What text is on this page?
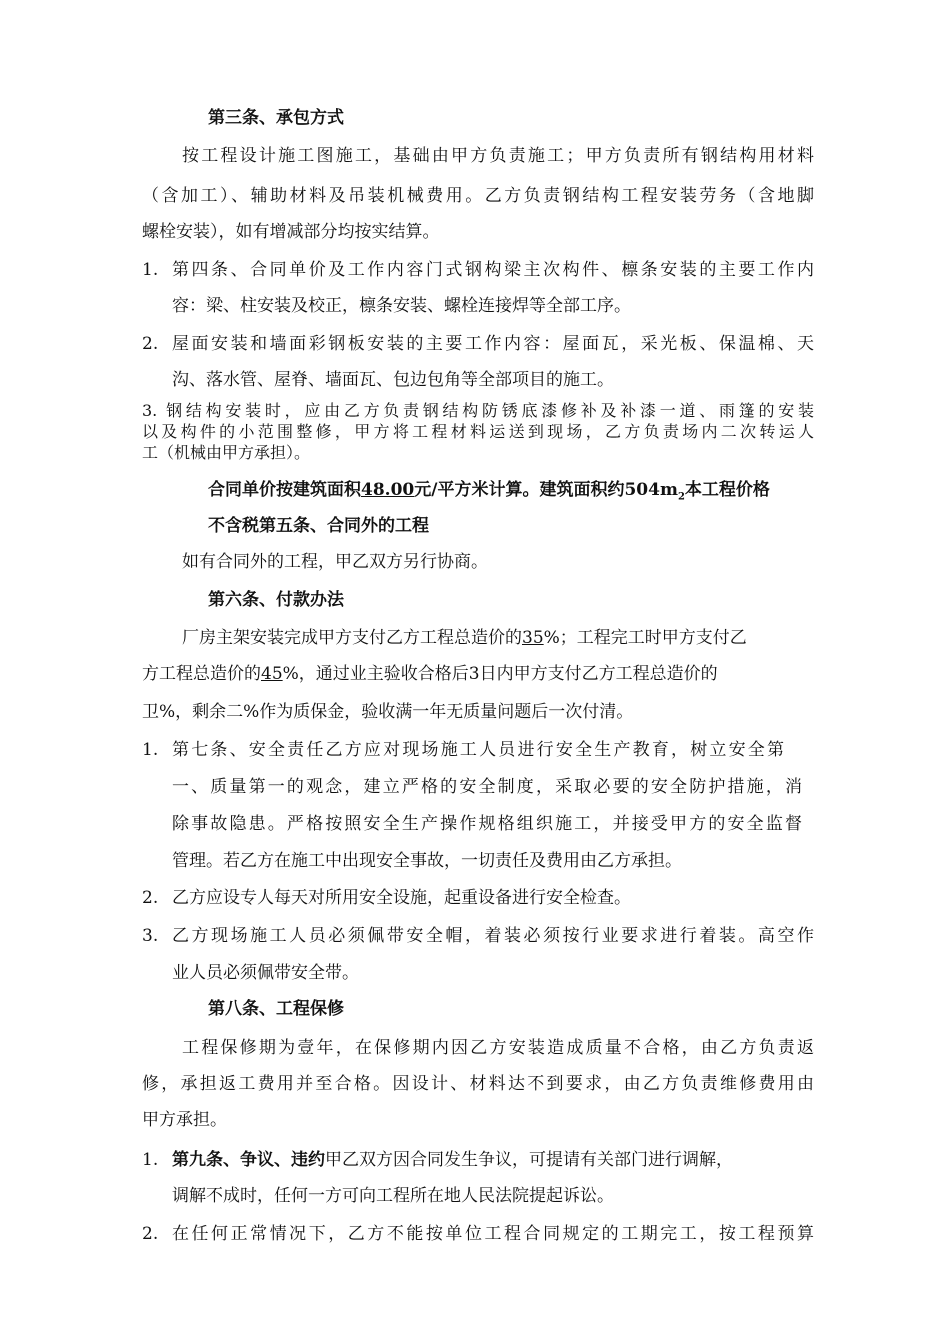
第三条、承包方式
按工程设计施工图施工，基础由甲方负责施工；甲方负责所有钢结构用材料
（含加工）、辅助材料及吊装机械费用。乙方负责钢结构工程安装劳务（含地脚
螺栓安装），如有增减部分均按实结算。
1. 第四条、合同单价及工作内容门式钢构梁主次构件、檩条安装的主要工作内
容：梁、柱安装及校正，檩条安装、螺栓连接焊等全部工序。
2. 屋面安装和墙面彩钢板安装的主要工作内容：屋面瓦，采光板、保温棉、天
沟、落水管、屋脊、墙面瓦、包边包角等全部项目的施工。
3. 钢结构安装时，应由乙方负责钢结构防锈底漆修补及补漆一道、雨篷的安装
以及构件的小范围整修，甲方将工程材料运送到现场，乙方负责场内二次转运人
工（机械由甲方承担）。
合同单价按建筑面积48.00元/平方米计算。建筑面积约$504m_2$本工程价格
不含税第五条、合同外的工程
如有合同外的工程，甲乙双方另行协商。
第六条、付款办法
厂房主架安装完成甲方支付乙方工程总造价的35%；工程完工时甲方支付乙
方工程总造价的45%，通过业主验收合格后3日内甲方支付乙方工程总造价的
卫%，剩余二%作为质保金，验收满一年无质量问题后一次付清。
1. 第七条、安全责任乙方应对现场施工人员进行安全生产教育，树立安全第
一、质量第一的观念，建立严格的安全制度，采取必要的安全防护措施，消
除事故隐患。严格按照安全生产操作规格组织施工，并接受甲方的安全监督
管理。若乙方在施工中出现安全事故，一切责任及费用由乙方承担。
2. 乙方应设专人每天对所用安全设施，起重设备进行安全检查。
3. 乙方现场施工人员必须佩带安全帽，着装必须按行业要求进行着装。高空作
业人员必须佩带安全带。
第八条、工程保修
工程保修期为壹年，在保修期内因乙方安装造成质量不合格，由乙方负责返
修，承担返工费用并至合格。因设计、材料达不到要求，由乙方负责维修费用由
甲方承担。
1. 第九条、争议、违约甲乙双方因合同发生争议，可提请有关部门进行调解，
调解不成时，任何一方可向工程所在地人民法院提起诉讼。
2. 在任何正常情况下，乙方不能按单位工程合同规定的工期完工，按工程预算
